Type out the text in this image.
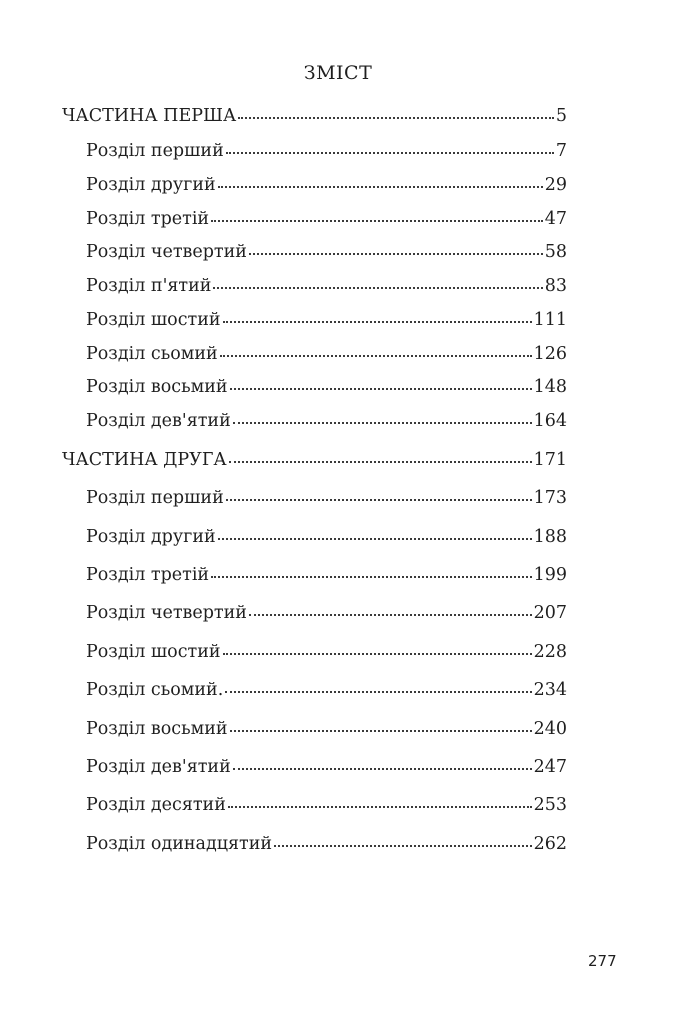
ЗМІСТ
ЧАСТИНА ПЕРША	5
Розділ перший	7
Розділ другий	29
Розділ третій	47
Розділ четвертий	58
Розділ п'ятий	83
Розділ шостий	111
Розділ сьомий	126
Розділ восьмий	148
Розділ дев'ятий	164
ЧАСТИНА ДРУГА	171
Розділ перший	173
Розділ другий	188
Розділ третій	199
Розділ четвертий	207
Розділ шостий	228
Розділ сьомий.	234
Розділ восьмий	240
Розділ дев'ятий	247
Розділ десятий	253
Розділ одинадцятий	262
277
